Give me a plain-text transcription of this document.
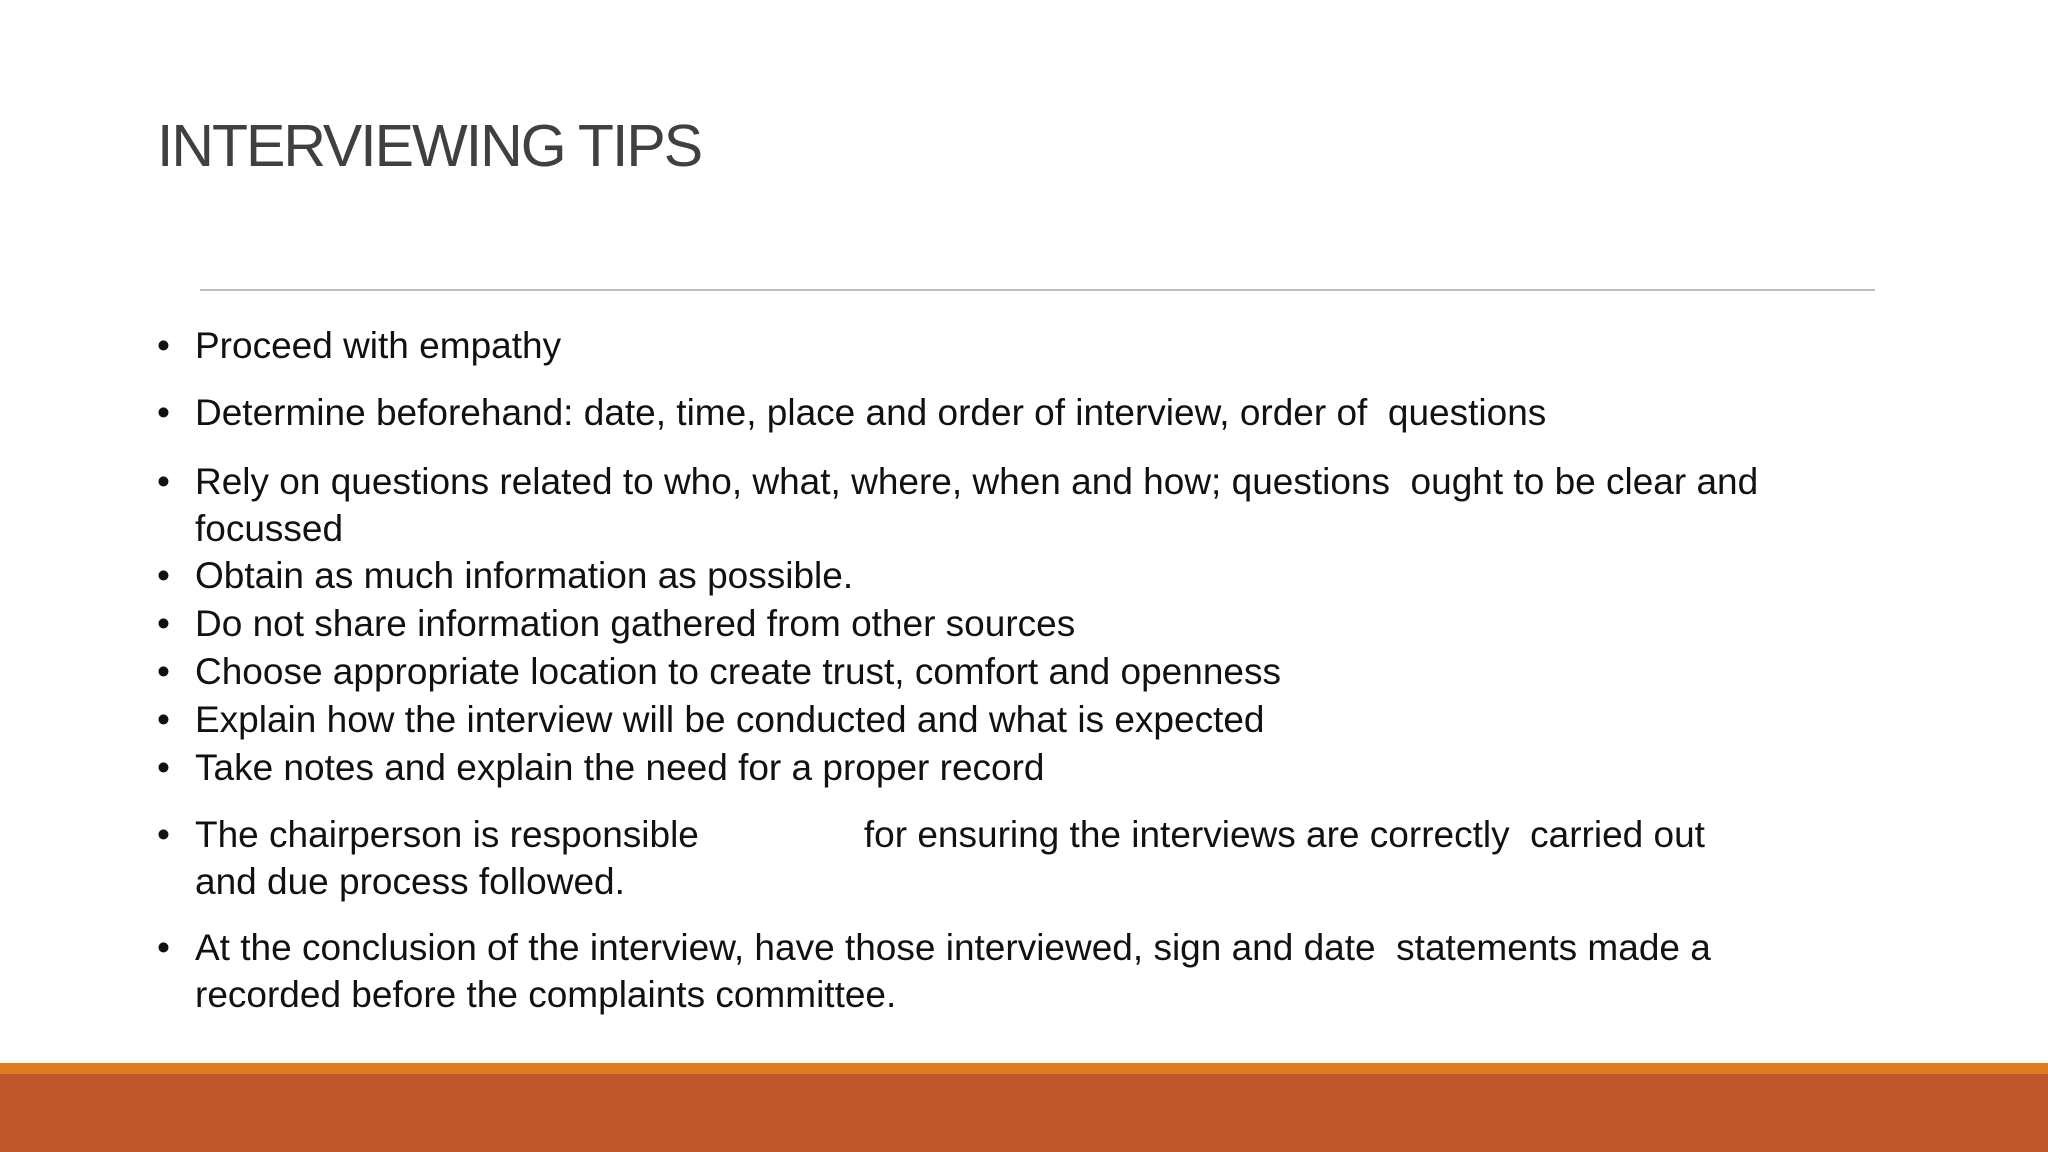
INTERVIEWING TIPS
• Proceed with empathy
• Determine beforehand: date, time, place and order of interview, order of  questions
• Rely on questions related to who, what, where, when and how; questions  ought to be clear and
focussed
• Obtain as much information as possible.
• Do not share information gathered from other sources
• Choose appropriate location to create trust, comfort and openness
• Explain how the interview will be conducted and what is expected
• Take notes and explain the need for a proper record
• The chairperson is responsible	for ensuring the interviews are correctly  carried out
and due process followed.
• At the conclusion of the interview, have those interviewed, sign and date  statements made a
recorded before the complaints committee.
